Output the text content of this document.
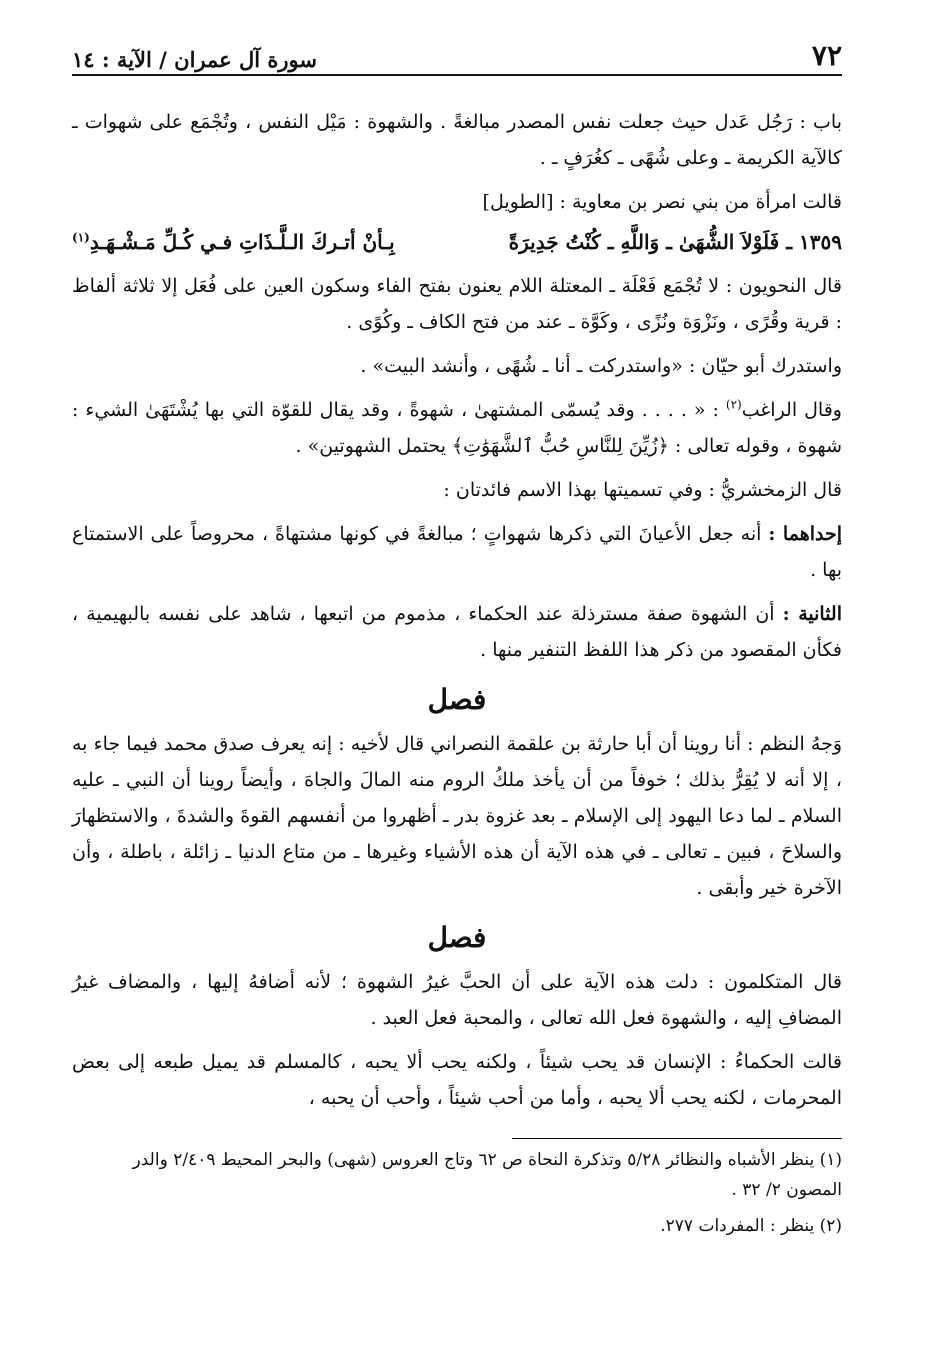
٧٢
سورة آل عمران / الآية : ١٤

باب : رَجُل عَدل حيث جعلت نفس المصدر مبالغةً . والشهوة : مَيْل النفس ، وتُجْمَع على شهوات ـ كالآية الكريمة ـ وعلى شُهًى ـ كغُرَفٍ ـ .

قالت امرأة من بني نصر بن معاوية : [الطويل]

١٣٥٩ ـ فَلَوْلاَ الشُّهَىٰ ـ وَاللَّهِ ـ كُنْتُ جَدِيرَةً
بِـأنْ أتـركَ الـلَّـذَاتِ فـي كُـلِّ مَـشْـهَـدِ$^{(١)}$

قال النحويون : لا تُجْمَع فَعْلَة ـ المعتلة اللام يعنون بفتح الفاء وسكون العين على فُعَل إلا ثلاثة ألفاظ : قرية وقُرًى ، ونَزْوَة ونُزًى ، وكَوَّة ـ عند من فتح الكاف ـ وكُوًى .

واستدرك أبو حيّان : «واستدركت ـ أنا ـ شُهًى ، وأنشد البيت» .

وقال الراغب$^{(٢)}$ : « . . . . وقد يُسمّى المشتهىٰ ، شهوةً ، وقد يقال للقوّة التي بها يُشْتَهَىٰ الشيء : شهوة ، وقوله تعالى : ﴿زُيِّنَ لِلنَّاسِ حُبُّ ٱلشَّهَوَٰتِ﴾ يحتمل الشهوتين» .

قال الزمخشريُّ : وفي تسميتها بهذا الاسم فائدتان :

إحداهما : أنه جعل الأعيانَ التي ذكرها شهواتٍ ؛ مبالغةً في كونها مشتهاةً ، محروصاً على الاستمتاع بها .

الثانية : أن الشهوة صفة مسترذلة عند الحكماء ، مذموم من اتبعها ، شاهد على نفسه بالبهيمية ، فكأن المقصود من ذكر هذا اللفظ التنفير منها .

فصل

وَجهُ النظم : أنا روينا أن أبا حارثة بن علقمة النصراني قال لأخيه : إنه يعرف صدق محمد فيما جاء به ، إلا أنه لا يُقِرُّ بذلك ؛ خوفاً من أن يأخذ ملكُ الروم منه المالَ والجاهَ ، وأيضاً روينا أن النبي ـ عليه السلام ـ لما دعا اليهود إلى الإسلام ـ بعد غزوة بدر ـ أظهروا من أنفسهم القوةَ والشدةَ ، والاستظهارَ والسلاحَ ، فبين ـ تعالى ـ في هذه الآية أن هذه الأشياء وغيرها ـ من متاع الدنيا ـ زائلة ، باطلة ، وأن الآخرة خير وأبقى .

فصل

قال المتكلمون : دلت هذه الآية على أن الحبَّ غيرُ الشهوة ؛ لأنه أضافهُ إليها ، والمضاف غيرُ المضافِ إليه ، والشهوة فعل الله تعالى ، والمحبة فعل العبد .

قالت الحكماءُ : الإنسان قد يحب شيئاً ، ولكنه يحب ألا يحبه ، كالمسلم قد يميل طبعه إلى بعض المحرمات ، لكنه يحب ألا يحبه ، وأما من أحب شيئاً ، وأحب أن يحبه ،

(١) ينظر الأشباه والنظائر ٥/٢٨ وتذكرة النحاة ص ٦٢ وتاج العروس (شهى) والبحر المحيط ٢/٤٠٩ والدر المصون ٢/ ٣٢ .

(٢) ينظر : المفردات ٢٧٧.
